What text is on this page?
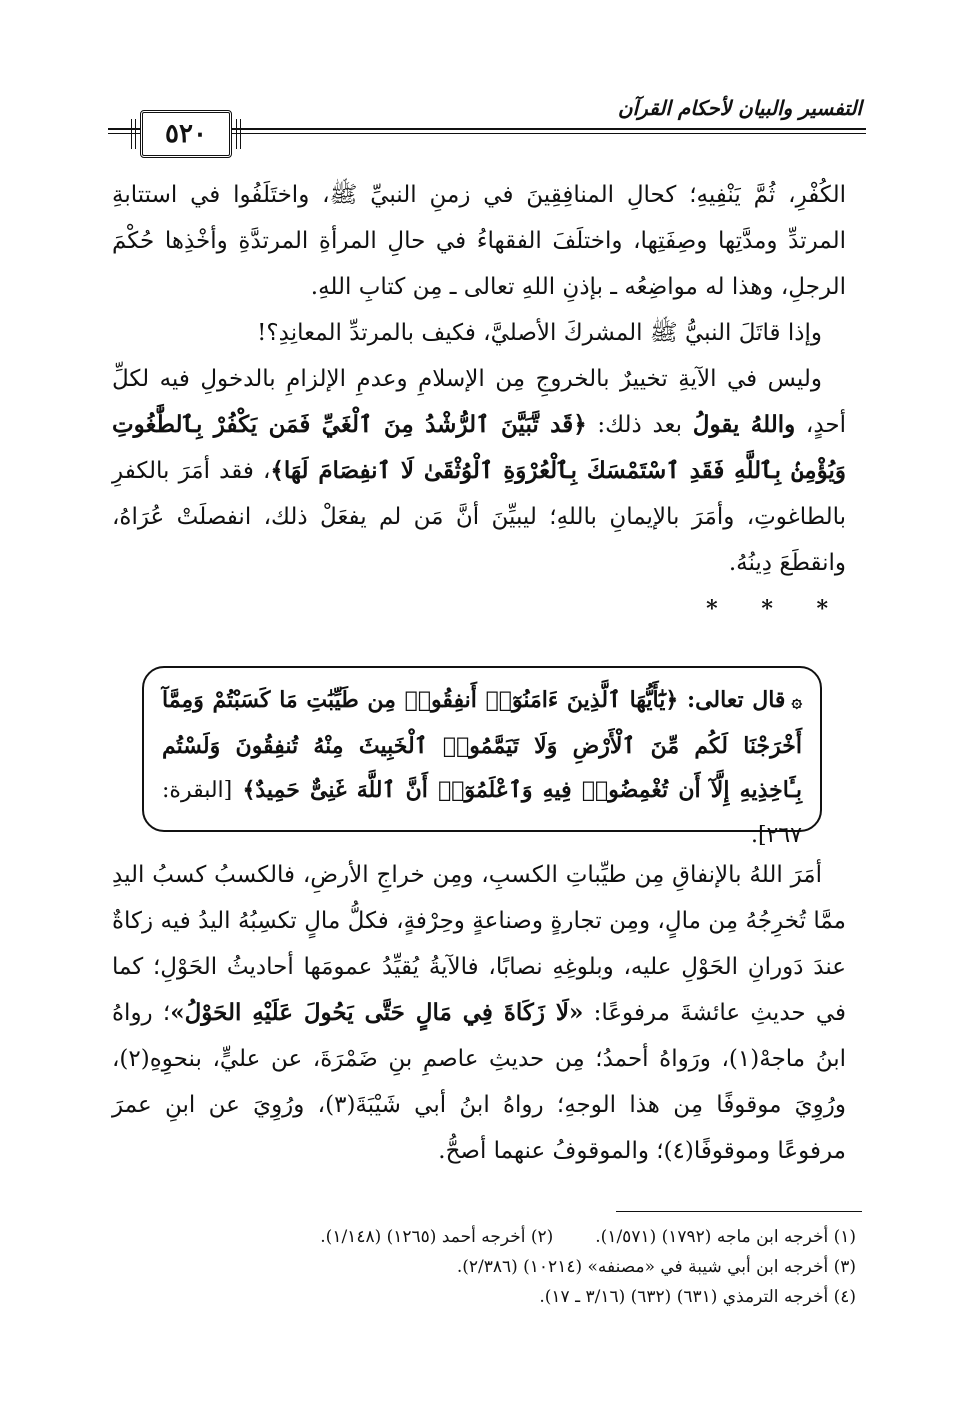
التفسير والبيان لأحكام القرآن
٥٢٠

الكُفْرِ، ثُمَّ يَنْفِيهِ؛ كحالِ المنافِقِينَ في زمنِ النبيِّ ﷺ، واختَلَفُوا في استتابةِ المرتدِّ ومدَّتِها وصِفَتِها، واختلَفَ الفقهاءُ في حالِ المرأةِ المرتدَّةِ وأخْذِها حُكْمَ الرجلِ، وهذا له مواضِعُه ـ بإذنِ اللهِ تعالى ـ مِن كتابِ اللهِ.

وإذا قاتَلَ النبيُّ ﷺ المشركَ الأصليَّ، فكيف بالمرتدِّ المعانِدِ؟!

وليس في الآيةِ تخييرٌ بالخروجِ مِن الإسلامِ وعدمِ الإلزامِ بالدخولِ فيه لكلِّ أحدٍ، واللهُ يقولُ بعد ذلك: ﴿قَد تَّبَيَّنَ ٱلرُّشْدُ مِنَ ٱلْغَيِّ فَمَن يَكْفُرْ بِٱلطَّٰغُوتِ وَيُؤْمِنۢ بِٱللَّهِ فَقَدِ ٱسْتَمْسَكَ بِٱلْعُرْوَةِ ٱلْوُثْقَىٰ لَا ٱنفِصَامَ لَهَا﴾، فقد أمَرَ بالكفرِ بالطاغوتِ، وأمَرَ بالإيمانِ باللهِ؛ ليبيِّنَ أنَّ مَن لم يفعَلْ ذلك، انفصلَتْ عُرَاهُ، وانقطَعَ دِينُهُ.

* * *
۞قال تعالى: ﴿يَٰٓأَيُّهَا ٱلَّذِينَ ءَامَنُوٓا۟ أَنفِقُوا۟ مِن طَيِّبَٰتِ مَا كَسَبْتُمْ وَمِمَّآ أَخْرَجْنَا لَكُم مِّنَ ٱلْأَرْضِ وَلَا تَيَمَّمُوا۟ ٱلْخَبِيثَ مِنْهُ تُنفِقُونَ وَلَسْتُم بِـَٔاخِذِيهِ إِلَّآ أَن تُغْمِضُوا۟ فِيهِ وَٱعْلَمُوٓا۟ أَنَّ ٱللَّهَ غَنِىٌّ حَمِيدٌ﴾ [البقرة: ٢٦٧].

أمَرَ اللهُ بالإنفاقِ مِن طيِّباتِ الكسبِ، ومِن خراجِ الأرضِ، فالكسبُ كسبُ اليدِ ممَّا تُخرِجُهُ مِن مالٍ، ومِن تجارةٍ وصناعةٍ وحِرْفةٍ، فكلُّ مالٍ تكسِبُهُ اليدُ فيه زكاةٌ عندَ دَورانِ الحَوْلِ عليه، وبلوغِهِ نصابًا، فالآيةُ يُقيِّدُ عمومَها أحاديثُ الحَوْلِ؛ كما في حديثِ عائشةَ مرفوعًا: «لَا زَكَاةَ فِي مَالٍ حَتَّى يَحُولَ عَلَيْهِ الحَوْلُ»؛ رواهُ ابنُ ماجهْ(١)، ورَواهُ أحمدُ؛ مِن حديثِ عاصمِ بنِ ضَمْرَةَ، عن عليٍّ، بنحوِهِ(٢)، ورُوِيَ موقوفًا مِن هذا الوجهِ؛ رواهُ ابنُ أبي شَيْبَةَ(٣)، ورُوِيَ عن ابنِ عمرَ مرفوعًا وموقوفًا(٤)؛ والموقوفُ عنهما أصحُّ.

(١) أخرجه ابن ماجه (١٧٩٢) (١/٥٧١).
(٢) أخرجه أحمد (١٢٦٥) (١/١٤٨).
(٣) أخرجه ابن أبي شيبة في «مصنفه» (١٠٢١٤) (٢/٣٨٦).
(٤) أخرجه الترمذي (٦٣١) (٦٣٢) (٣/١٦ ـ ١٧).
